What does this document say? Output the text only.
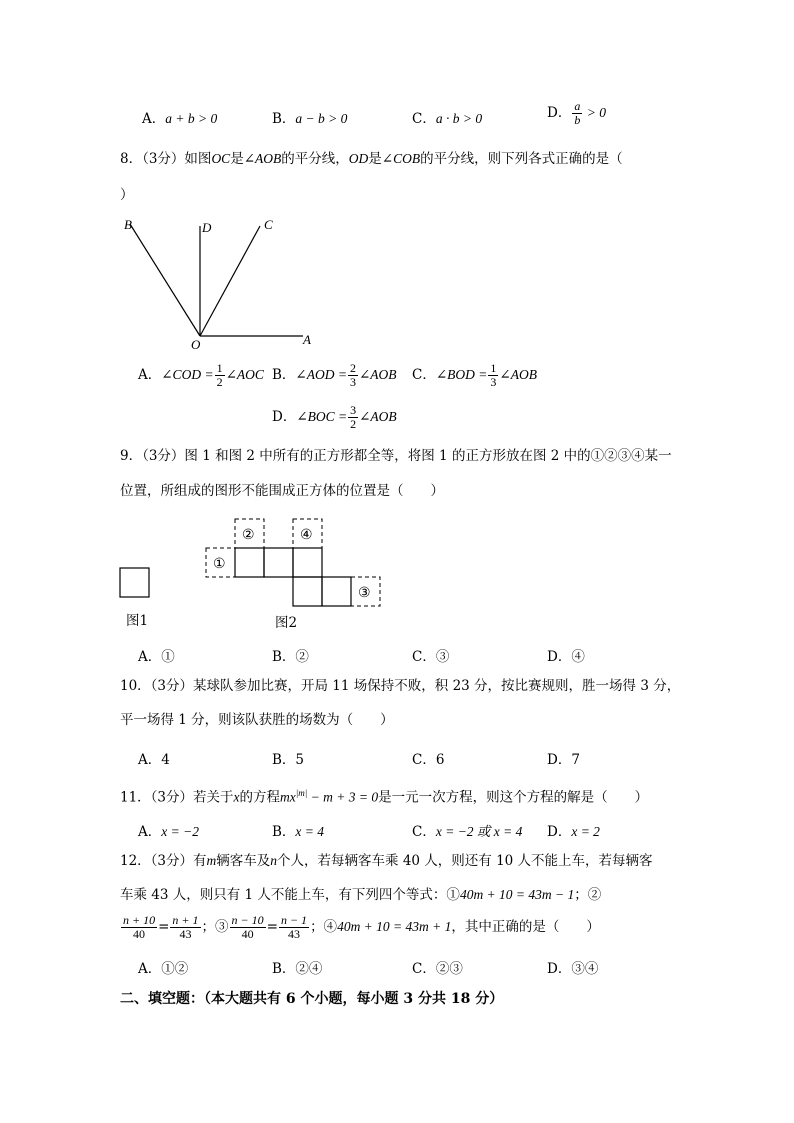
A．a + b > 0	B．a − b > 0	C．a · b > 0	D． $\frac{a}{b} > 0$
8．（3分）如图OC是∠AOB的平分线，OD是∠COB的平分线，则下列各式正确的是（
）
B	D	C
O	A
A．∠COD = $\frac{1}{2}$ ∠AOC B．∠AOD = $\frac{2}{3}$ ∠AOB C．∠BOD = $\frac{1}{3}$ ∠AOB
D．∠BOC = $\frac{3}{2}$ ∠AOB
9．（3分）图 1 和图 2 中所有的正方形都全等，将图 1 的正方形放在图 2 中的①②③④某一
位置，所组成的图形不能围成正方体的位置是（　　）
①
②	④
③
图1	图2
A．①	B．②	C．③	D．④
10．（3分）某球队参加比赛，开局 11 场保持不败，积 23 分，按比赛规则，胜一场得 3 分，
平一场得 1 分，则该队获胜的场数为（　　）
A．4	B．5	C．6	D．7
11．（3分）若关于x的方程$mx^{|m|} - m + 3 = 0$是一元一次方程，则这个方程的解是（　　）
A．x = −2	B．x = 4	C．x = −2 或 x = 4 D．x = 2
12．（3分）有m辆客车及n个人，若每辆客车乘 40 人，则还有 10 人不能上车，若每辆客
车乘 43 人，则只有 1 人不能上车，有下列四个等式：①40m + 10 = 43m − 1；②
$\frac{n + 10}{40} = \frac{n + 1}{43}$ ；③ $\frac{n - 10}{40} = \frac{n - 1}{43}$ ；④40m + 10 = 43m + 1，其中正确的是（　　）
A．①②	B．②④	C．②③	D．③④
二、填空题：（本大题共有 6 个小题，每小题 3 分共 18 分）
